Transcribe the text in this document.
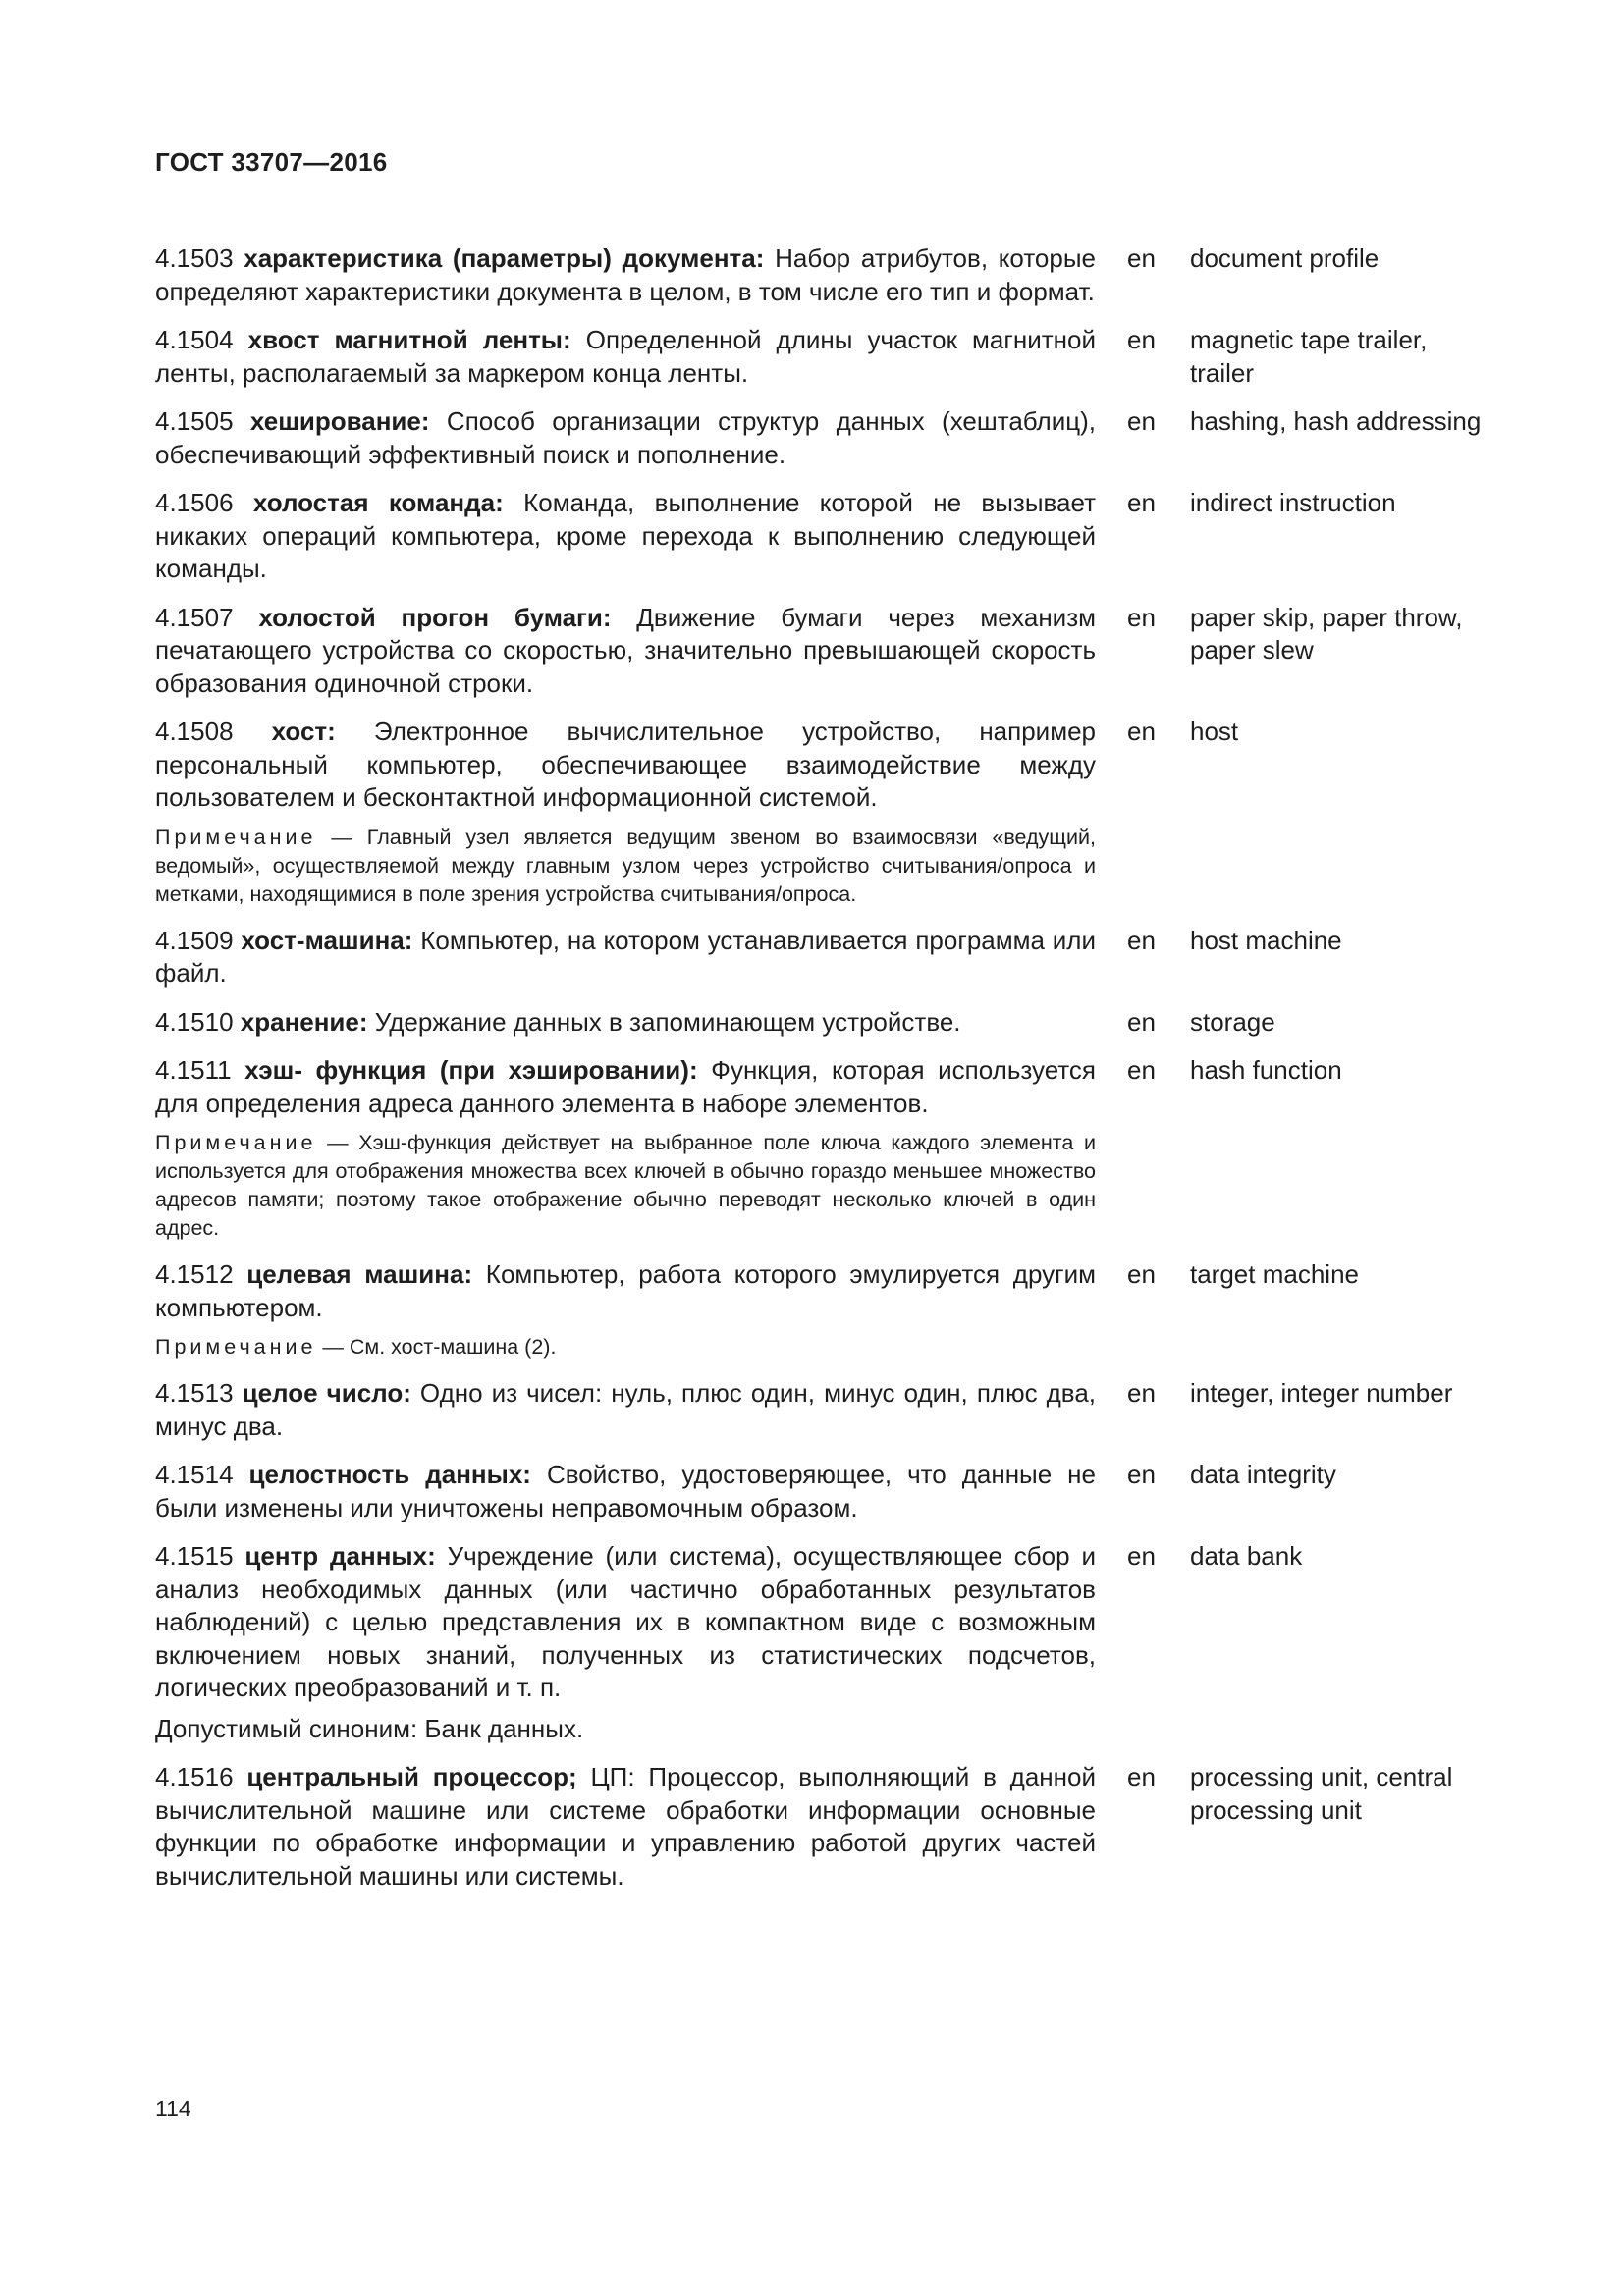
ГОСТ 33707—2016
4.1503 характеристика (параметры) документа: Набор атрибутов, которые определяют характеристики документа в целом, в том числе его тип и формат.
en document profile
4.1504 хвост магнитной ленты: Определенной длины участок магнитной ленты, располагаемый за маркером конца ленты.
en magnetic tape trailer, trailer
4.1505 хеширование: Способ организации структур данных (хештаблиц), обеспечивающий эффективный поиск и пополнение.
en hashing, hash addressing
4.1506 холостая команда: Команда, выполнение которой не вызывает никаких операций компьютера, кроме перехода к выполнению следующей команды.
en indirect instruction
4.1507 холостой прогон бумаги: Движение бумаги через механизм печатающего устройства со скоростью, значительно превышающей скорость образования одиночной строки.
en paper skip, paper throw, paper slew
4.1508 хост: Электронное вычислительное устройство, например персональный компьютер, обеспечивающее взаимодействие между пользователем и бесконтактной информационной системой.
en host
Примечание — Главный узел является ведущим звеном во взаимосвязи «ведущий, ведомый», осуществляемой между главным узлом через устройство считывания/опроса и метками, находящимися в поле зрения устройства считывания/опроса.
4.1509 хост-машина: Компьютер, на котором устанавливается программа или файл.
en host machine
4.1510 хранение: Удержание данных в запоминающем устройстве.	en storage
4.1511 хэш- функция (при хэшировании): Функция, которая используется для определения адреса данного элемента в наборе элементов.
en hash function
Примечание — Хэш-функция действует на выбранное поле ключа каждого элемента и используется для отображения множества всех ключей в обычно гораздо меньшее множество адресов памяти; поэтому такое отображение обычно переводят несколько ключей в один адрес.
4.1512 целевая машина: Компьютер, работа которого эмулируется другим компьютером.
en target machine
Примечание — См. хост-машина (2).
4.1513 целое число: Одно из чисел: нуль, плюс один, минус один, плюс два, минус два.
en integer, integer number
4.1514 целостность данных: Свойство, удостоверяющее, что данные не были изменены или уничтожены неправомочным образом.
en data integrity
4.1515 центр данных: Учреждение (или система), осуществляющее сбор и анализ необходимых данных (или частично обработанных результатов наблюдений) с целью представления их в компактном виде с возможным включением новых знаний, полученных из статистических подсчетов, логических преобразований и т. п.
en data bank
Допустимый синоним: Банк данных.
4.1516 центральный процессор; ЦП: Процессор, выполняющий в данной вычислительной машине или системе обработки информации основные функции по обработке информации и управлению работой других частей вычислительной машины или системы.
en processing unit, central processing unit
114
